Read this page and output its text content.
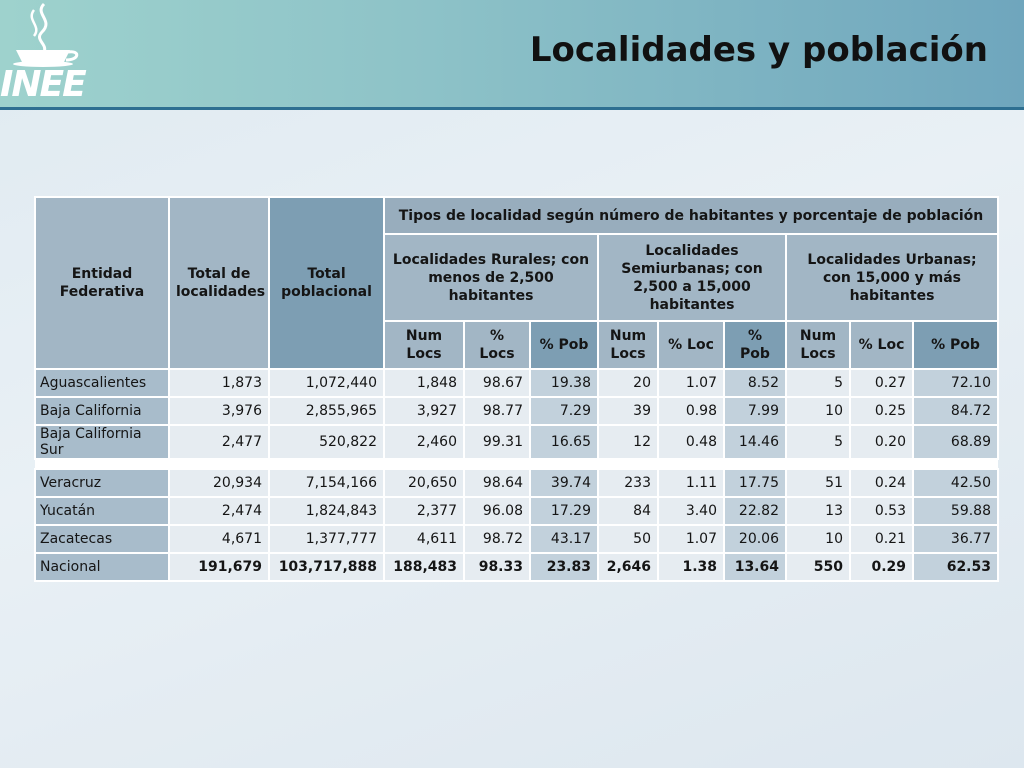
INEE
Localidades y población
Entidad Federativa	Total de localidades	Total poblacional	Tipos de localidad según número de habitantes y porcentaje de población								
			Localidades Rurales; con menos de 2,500 habitantes			Localidades Semiurbanas; con 2,500 a 15,000 habitantes			Localidades Urbanas; con 15,000 y más habitantes		
			Num Locs	% Locs	% Pob	Num Locs	% Loc	% Pob	Num Locs	% Loc	% Pob
Aguascalientes	1,873	1,072,440	1,848	98.67	19.38	20	1.07	8.52	5	0.27	72.10
Baja California	3,976	2,855,965	3,927	98.77	7.29	39	0.98	7.99	10	0.25	84.72
Baja California Sur	2,477	520,822	2,460	99.31	16.65	12	0.48	14.46	5	0.20	68.89

Veracruz	20,934	7,154,166	20,650	98.64	39.74	233	1.11	17.75	51	0.24	42.50
Yucatán	2,474	1,824,843	2,377	96.08	17.29	84	3.40	22.82	13	0.53	59.88
Zacatecas	4,671	1,377,777	4,611	98.72	43.17	50	1.07	20.06	10	0.21	36.77
Nacional	191,679	103,717,888	188,483	98.33	23.83	2,646	1.38	13.64	550	0.29	62.53
